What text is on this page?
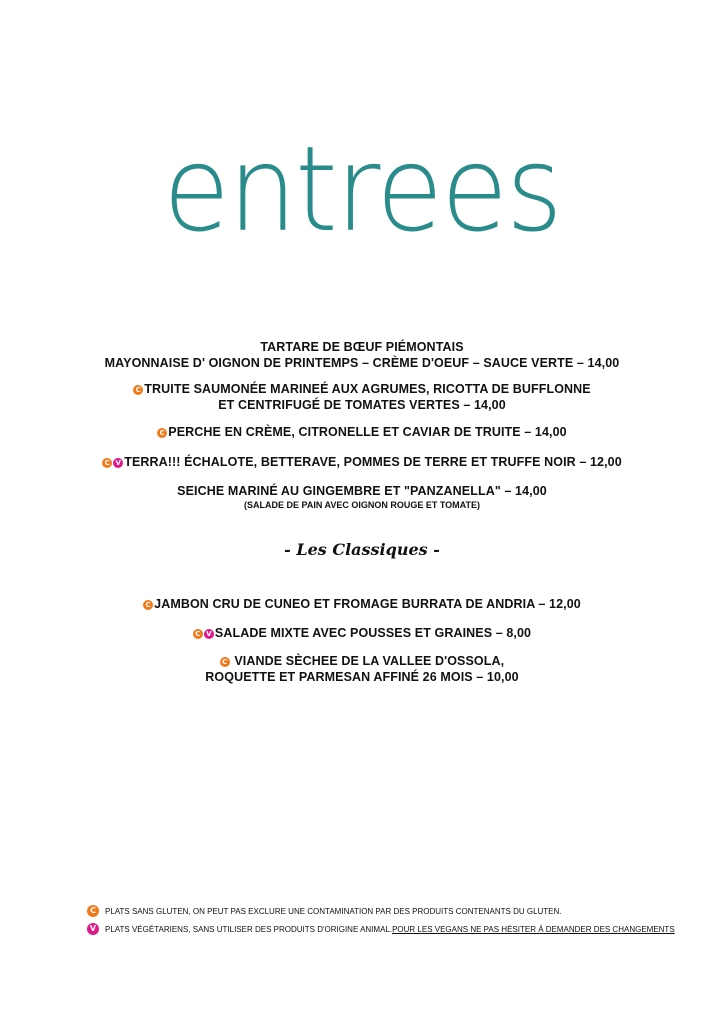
entrees
TARTARE DE BŒUF PIÉMONTAIS
MAYONNAISE D' OIGNON DE PRINTEMPS – CRÈME D'OEUF – SAUCE VERTE – 14,00
C TRUITE SAUMONÉE MARINEÉ AUX AGRUMES, RICOTTA DE BUFFLONNE
ET CENTRIFUGÉ DE TOMATES VERTES – 14,00
C PERCHE EN CRÈME, CITRONELLE ET CAVIAR DE TRUITE – 14,00
C V TERRA!!! ÉCHALOTE, BETTERAVE, POMMES DE TERRE ET TRUFFE NOIR – 12,00
SEICHE MARINÉ AU GINGEMBRE ET "PANZANELLA" – 14,00
(SALADE DE PAIN AVEC OIGNON ROUGE ET TOMATE)
- Les Classiques -
C JAMBON CRU DE CUNEO ET FROMAGE BURRATA DE ANDRIA – 12,00
C V SALADE MIXTE AVEC POUSSES ET GRAINES – 8,00
C VIANDE SÈCHEE DE LA VALLEE D'OSSOLA,
ROQUETTE ET PARMESAN AFFINÉ 26 MOIS – 10,00
C	PLATS SANS GLUTEN, ON PEUT PAS EXCLURE UNE CONTAMINATION PAR DES PRODUITS CONTENANTS DU GLUTEN.
V	PLATS VÉGÉTARIENS, SANS UTILISER DES PRODUITS D'ORIGINE ANIMAL. POUR LES VEGANS NE PAS HÉSITER À DEMANDER DES CHANGEMENTS
